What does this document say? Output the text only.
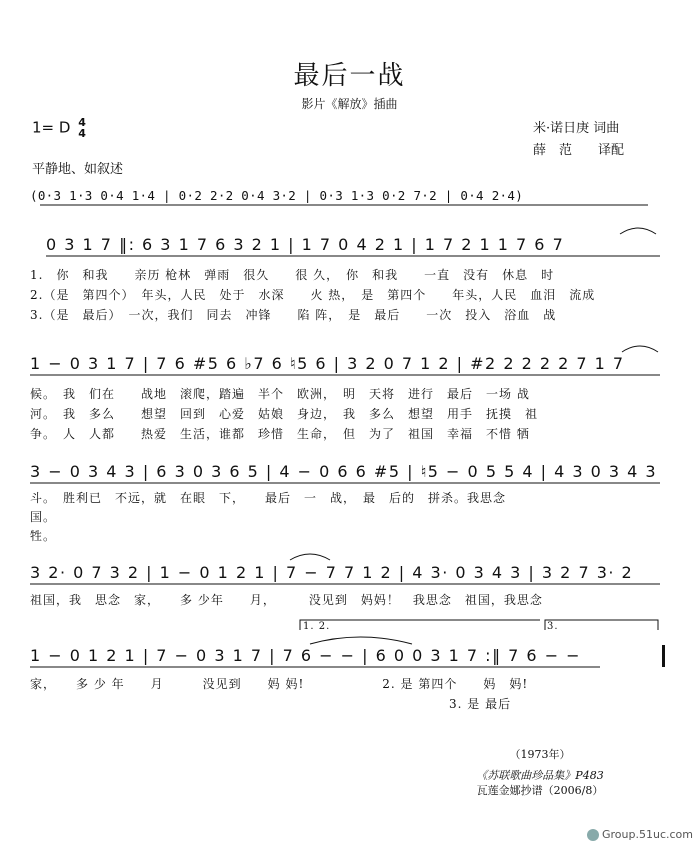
最后一战
影片《解放》插曲
1= D 4
4	米·诺日庚 词曲
薛　范　　译配
平静地、如叙述
(0·3 1·3 0·4 1·4 | 0·2 2·2 0·4 3·2 | 0·3 1·3 0·2 7·2 | 0·4 2·4)
0 3 1 7 ‖: 6 3 1 7 6 3 2 1 | 1 7 0 4 2 1 | 1 7 2 1 1 7 6 7
1.　你　和我　　亲历 枪林　弹雨　很久　　很 久，　你　和我　　一直　没有　休息　时
2.（是　第四个）　年头，人民　处于　水深　　火 热，　是　第四个　　年头，人民　血泪　流成
3.（是　最后）　一次，我们　同去　冲锋　　陷 阵，　是　最后　　一次　投入　浴血　战
1 − 0 3 1 7 | 7 6 #5 6 ♭7 6 ♮5 6 | 3 2 0 7 1 2 | #2 2 2 2 2 7 1 7
候。　我　们在　　战地　滚爬，踏遍　半个　欧洲，　明　天将　进行　最后　一场 战
河。　我　多么　　想望　回到　心爱　姑娘　身边，　我　多么　想望　用手　抚摸　祖
争。　人　人都　　热爱　生活，谁都　珍惜　生命，　但　为了　祖国　幸福　不惜 牺
3 − 0 3 4 3 | 6 3 0 3 6 5 | 4 − 0 6 6 #5 | ♮5 − 0 5 5 4 | 4 3 0 3 4 3
斗。　胜利已　不远，就　在眼　下，　　最后　一　战，　最　后的　拼杀。我思念
国。
牲。
3 2· 0 7 3 2 | 1 − 0 1 2 1 | 7 − 7 7 1 2 | 4 3· 0 3 4 3 | 3 2 7 3· 2
祖国，我　思念　家，　　多 少年　　月，　　　没见到　妈妈！　我思念　祖国，我思念
1. 2.	3.
1 − 0 1 2 1 | 7 − 0 3 1 7 | 7 6 − − | 6 0 0 3 1 7 :‖ 7 6 − −
家，　　多 少 年　　月　　　没见到　　妈 妈!　　　　　　2. 是 第四个　　妈　妈!
3. 是 最后
（1973年）
《苏联歌曲珍品集》P483
瓦莲金娜抄谱（2006/8）
Group.51uc.com
